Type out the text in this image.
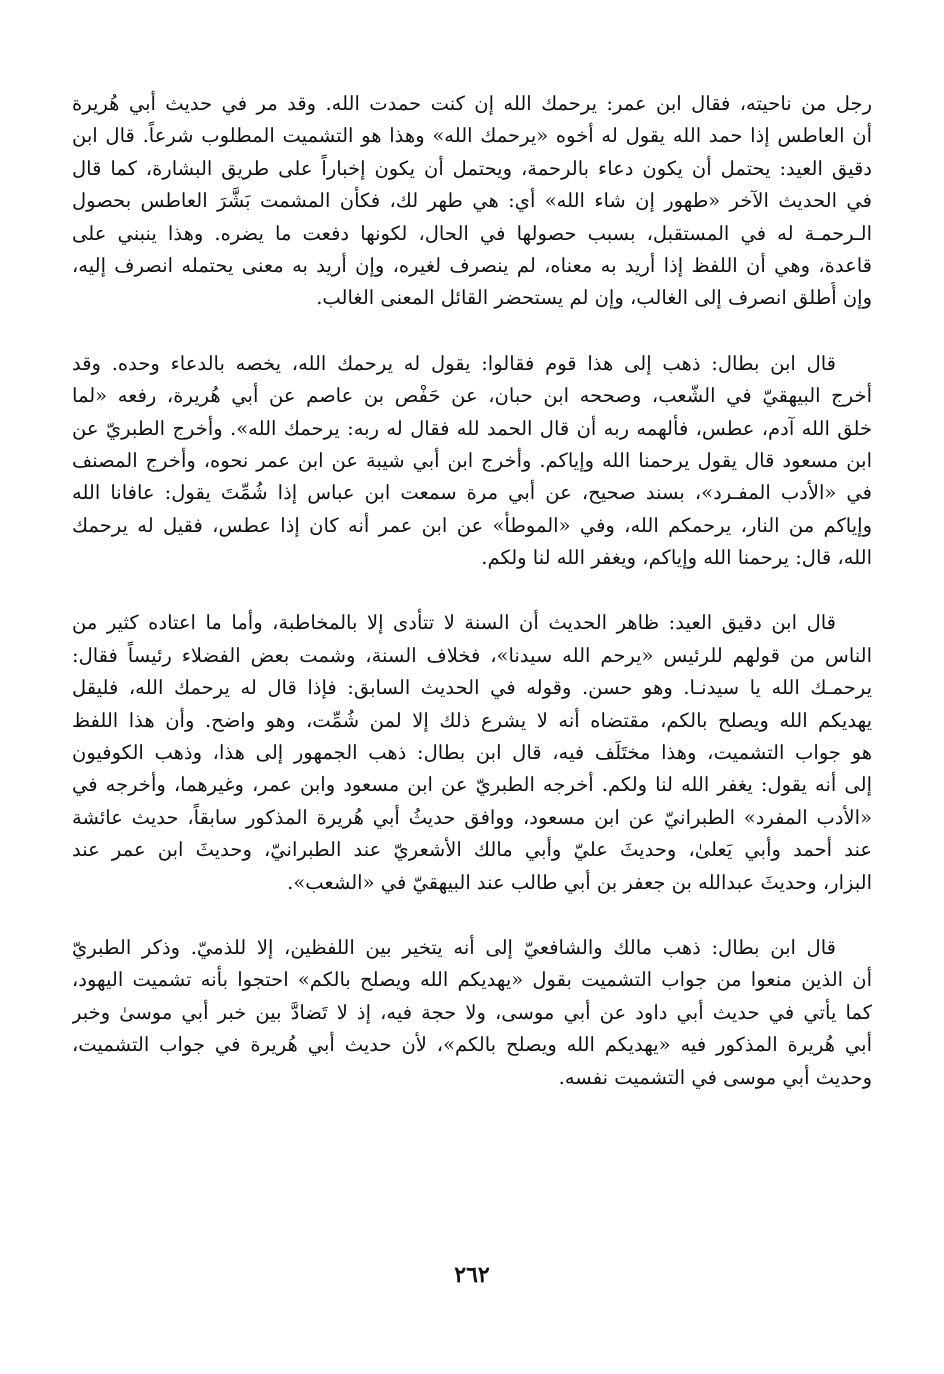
رجل من ناحيته، فقال ابن عمر: يرحمك الله إن كنت حمدت الله. وقد مر في حديث أبي هُريرة
أن العاطس إذا حمد الله يقول له أخوه «يرحمك الله» وهذا هو التشميت المطلوب شرعاً. قال ابن
دقيق العيد: يحتمل أن يكون دعاء بالرحمة، ويحتمل أن يكون إخباراً على طريق البشارة، كما قال
في الحديث الآخر «طهور إن شاء الله» أي: هي طهر لك، فكأن المشمت بَشَّرَ العاطس بحصول
الـرحمـة له في المستقبل، بسبب حصولها في الحال، لكونها دفعت ما يضره. وهذا ينبني على
قاعدة، وهي أن اللفظ إذا أريد به معناه، لم ينصرف لغيره، وإن أريد به معنى يحتمله انصرف إليه،
وإن أُطلق انصرف إلى الغالب، وإن لم يستحضر القائل المعنى الغالب.
قال ابن بطال: ذهب إلى هذا قوم فقالوا: يقول له يرحمك الله، يخصه بالدعاء وحده. وقد
أخرج البيهقيّ في الشّعب، وصححه ابن حبان، عن حَفْص بن عاصم عن أبي هُريرة، رفعه «لما
خلق الله آدم، عطس، فألهمه ربه أن قال الحمد لله فقال له ربه: يرحمك الله». وأخرج الطبريّ عن
ابن مسعود قال يقول يرحمنا الله وإياكم. وأخرج ابن أبي شيبة عن ابن عمر نحوه، وأخرج المصنف
في «الأدب المفـرد»، بسند صحيح، عن أبي مرة سمعت ابن عباس إذا شُمِّتَ يقول: عافانا الله
وإياكم من النار، يرحمكم الله، وفي «الموطأ» عن ابن عمر أنه كان إذا عطس، فقيل له يرحمك
الله، قال: يرحمنا الله وإياكم، ويغفر الله لنا ولكم.
قال ابن دقيق العيد: ظاهر الحديث أن السنة لا تتأدى إلا بالمخاطبة، وأما ما اعتاده كثير من
الناس من قولهم للرئيس «يرحم الله سيدنا»، فخلاف السنة، وشمت بعض الفضلاء رئيساً فقال:
يرحمـك الله يا سيدنـا. وهو حسن. وقوله في الحديث السابق: فإذا قال له يرحمك الله، فليقل
يهديكم الله ويصلح بالكم، مقتضاه أنه لا يشرع ذلك إلا لمن شُمِّت، وهو واضح. وأن هذا اللفظ
هو جواب التشميت، وهذا مختَلَف فيه، قال ابن بطال: ذهب الجمهور إلى هذا، وذهب الكوفيون
إلى أنه يقول: يغفر الله لنا ولكم. أخرجه الطبريّ عن ابن مسعود وابن عمر، وغيرهما، وأخرجه في
«الأدب المفرد» الطبرانيّ عن ابن مسعود، ووافق حديثُ أبي هُريرة المذكور سابقاً، حديث عائشة
عند أحمد وأبي يَعلىٰ، وحديثَ عليّ وأبي مالك الأشعريّ عند الطبرانيّ، وحديثَ ابن عمر عند
البزار، وحديثَ عبدالله بن جعفر بن أبي طالب عند البيهقيّ في «الشعب».
قال ابن بطال: ذهب مالك والشافعيّ إلى أنه يتخير بين اللفظين، إلا للذميّ. وذكر الطبريّ
أن الذين منعوا من جواب التشميت بقول «يهديكم الله ويصلح بالكم» احتجوا بأنه تشميت اليهود،
كما يأتي في حديث أبي داود عن أبي موسى، ولا حجة فيه، إذ لا تَضادَّ بين خبر أبي موسىٰ وخبر
أبي هُريرة المذكور فيه «يهديكم الله ويصلح بالكم»، لأن حديث أبي هُريرة في جواب التشميت،
وحديث أبي موسى في التشميت نفسه.
٢٦٢
